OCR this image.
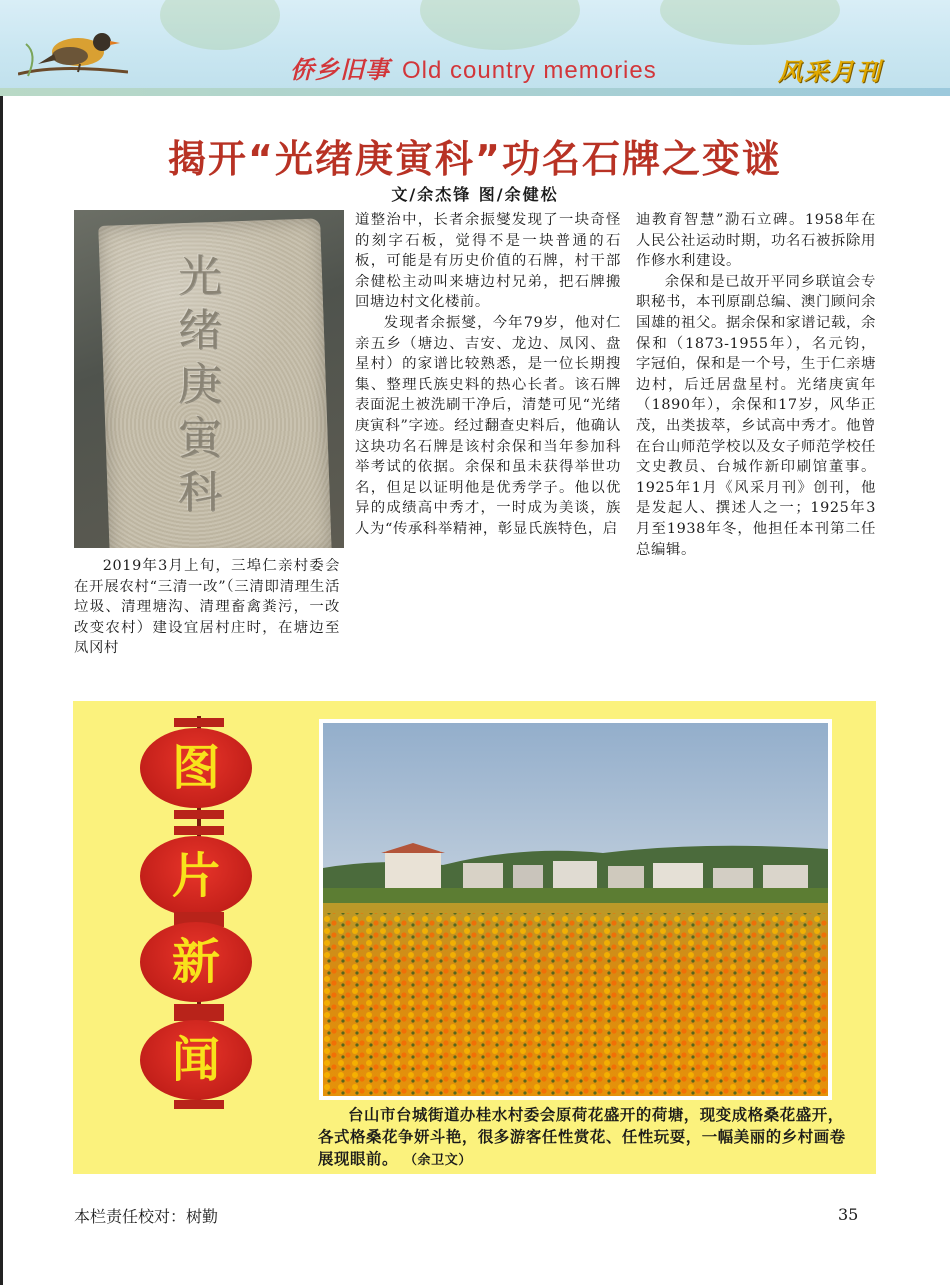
侨乡旧事 Old country memories	风采月刊
揭开“光绪庚寅科”功名石牌之变谜
文/余杰锋 图/余健松
光
绪
庚
寅
科

2019年3月上旬，三埠仁亲村委会在开展农村“三清一改”（三清即清理生活垃圾、清理塘沟、清理畜禽粪污，一改改变农村）建设宜居村庄时，在塘边至凤冈村

道整治中，长者余振燮发现了一块奇怪的刻字石板，觉得不是一块普通的石板，可能是有历史价值的石牌，村干部余健松主动叫来塘边村兄弟，把石牌搬回塘边村文化楼前。

发现者余振燮，今年79岁，他对仁亲五乡（塘边、吉安、龙边、凤冈、盘星村）的家谱比较熟悉，是一位长期搜集、整理氏族史料的热心长者。该石牌表面泥土被洗刷干净后，清楚可见“光绪庚寅科”字迹。经过翻查史料后，他确认这块功名石牌是该村余保和当年参加科举考试的依据。余保和虽未获得举世功名，但足以证明他是优秀学子。他以优异的成绩高中秀才，一时成为美谈，族人为“传承科举精神，彰显氏族特色，启

迪教育智慧”泐石立碑。1958年在人民公社运动时期，功名石被拆除用作修水利建设。

余保和是已故开平同乡联谊会专职秘书，本刊原副总编、澳门顾问余国雄的祖父。据余保和家谱记载，余保和（1873-1955年），名元钧，字冠伯，保和是一个号，生于仁亲塘边村，后迁居盘星村。光绪庚寅年（1890年），余保和17岁，风华正茂，出类拔萃，乡试高中秀才。他曾在台山师范学校以及女子师范学校任文史教员、台城作新印刷馆董事。1925年1月《风采月刊》创刊，他是发起人、撰述人之一；1925年3月至1938年冬，他担任本刊第二任总编辑。

图
片
新
闻
台山市台城街道办桂水村委会原荷花盛开的荷塘，现变成格桑花盛开，各式格桑花争妍斗艳，很多游客任性赏花、任性玩耍，一幅美丽的乡村画卷展现眼前。 （余卫文）
本栏责任校对：树勤	35
